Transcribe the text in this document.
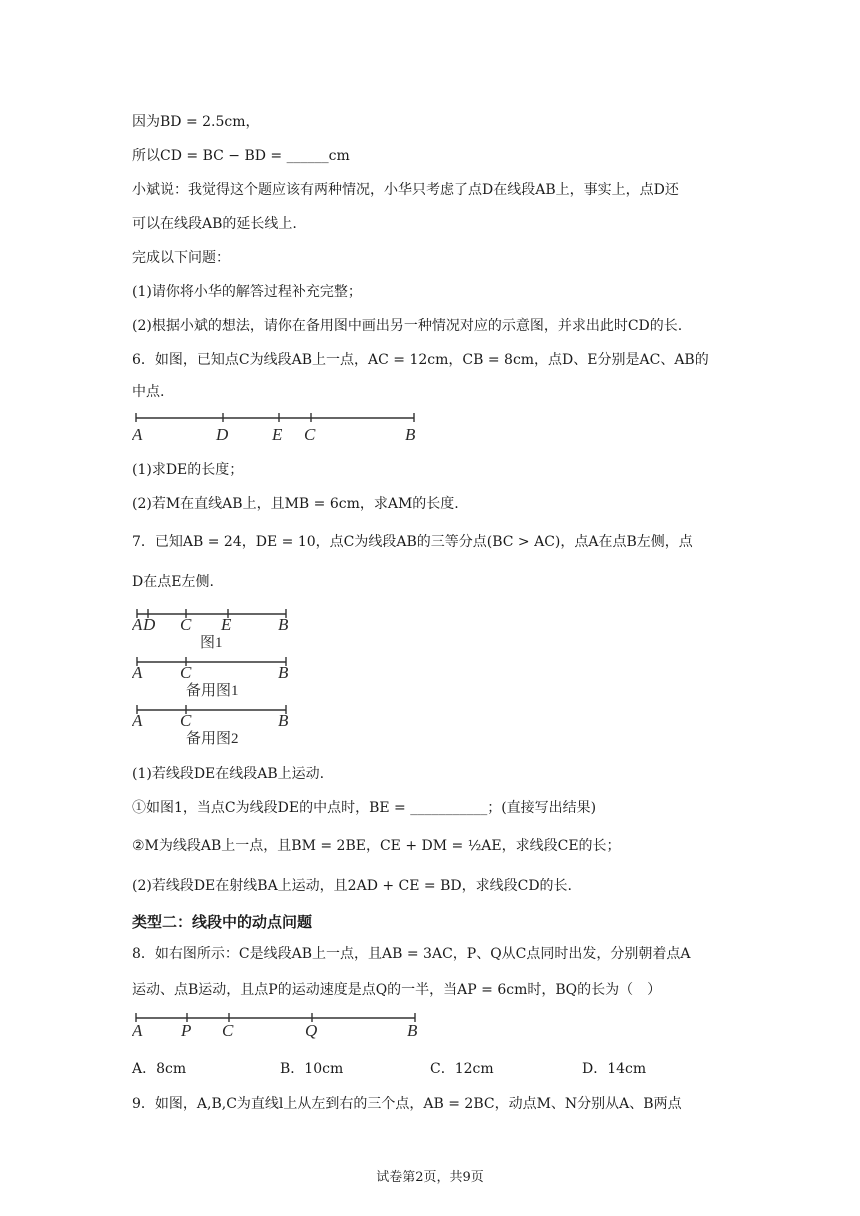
因为BD = 2.5cm，
所以CD = BC − BD = ______cm
小斌说：我觉得这个题应该有两种情况，小华只考虑了点D在线段AB上，事实上，点D还
可以在线段AB的延长线上.
完成以下问题：
(1)请你将小华的解答过程补充完整；
(2)根据小斌的想法，请你在备用图中画出另一种情况对应的示意图，并求出此时CD的长.
6．如图，已知点C为线段AB上一点，AC = 12cm，CB = 8cm，点D、E分别是AC、AB的
中点.
A	D	E C	B
(1)求DE的长度；
(2)若M在直线AB上，且MB = 6cm，求AM的长度.
7．已知AB = 24，DE = 10，点C为线段AB的三等分点(BC > AC)，点A在点B左侧，点
D在点E左侧.
A D C E	B
图1
A C	B
备用图1
A C	B
备用图2
(1)若线段DE在线段AB上运动.
①如图1，当点C为线段DE的中点时，BE = ___________；(直接写出结果)
②M为线段AB上一点，且BM = 2BE，CE + DM = ½AE，求线段CE的长；
(2)若线段DE在射线BA上运动，且2AD + CE = BD，求线段CD的长.
类型二：线段中的动点问题
8．如右图所示：C是线段AB上一点，且AB = 3AC，P、Q从C点同时出发，分别朝着点A
运动、点B运动，且点P的运动速度是点Q的一半，当AP = 6cm时，BQ的长为（　）
A P C	Q	B
A．8cm	B．10cm	C．12cm	D．14cm
9．如图，A,B,C为直线l上从左到右的三个点，AB = 2BC，动点M、N分别从A、B两点
试卷第2页，共9页
